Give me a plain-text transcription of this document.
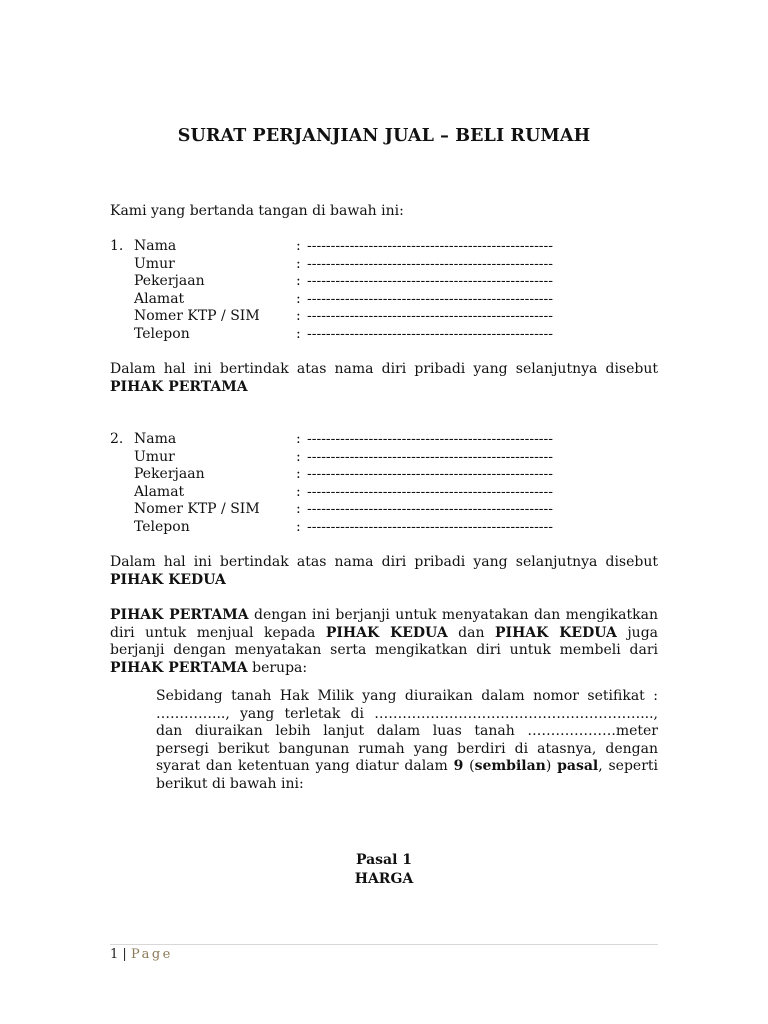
SURAT PERJANJIAN JUAL – BELI RUMAH
Kami yang bertanda tangan di bawah ini:
1. Nama	: ----------------------------------------------------
Umur	: ----------------------------------------------------
Pekerjaan	: ----------------------------------------------------
Alamat	: ----------------------------------------------------
Nomer KTP / SIM	: ----------------------------------------------------
Telepon	: ----------------------------------------------------
Dalam hal ini bertindak atas nama diri pribadi yang selanjutnya disebut PIHAK PERTAMA
2. Nama	: ----------------------------------------------------
Umur	: ----------------------------------------------------
Pekerjaan	: ----------------------------------------------------
Alamat	: ----------------------------------------------------
Nomer KTP / SIM	: ----------------------------------------------------
Telepon	: ----------------------------------------------------
Dalam hal ini bertindak atas nama diri pribadi yang selanjutnya disebut PIHAK KEDUA
PIHAK PERTAMA dengan ini berjanji untuk menyatakan dan mengikatkan diri untuk menjual kepada PIHAK KEDUA dan PIHAK KEDUA juga berjanji dengan menyatakan serta mengikatkan diri untuk membeli dari PIHAK PERTAMA berupa:
Sebidang tanah Hak Milik yang diuraikan dalam nomor setifikat : …………..., yang terletak di …………………………………………………..., dan diuraikan lebih lanjut dalam luas tanah ……………….meter persegi berikut bangunan rumah yang berdiri di atasnya, dengan syarat dan ketentuan yang diatur dalam 9 (sembilan) pasal, seperti berikut di bawah ini:
Pasal 1
HARGA
1 | Page
